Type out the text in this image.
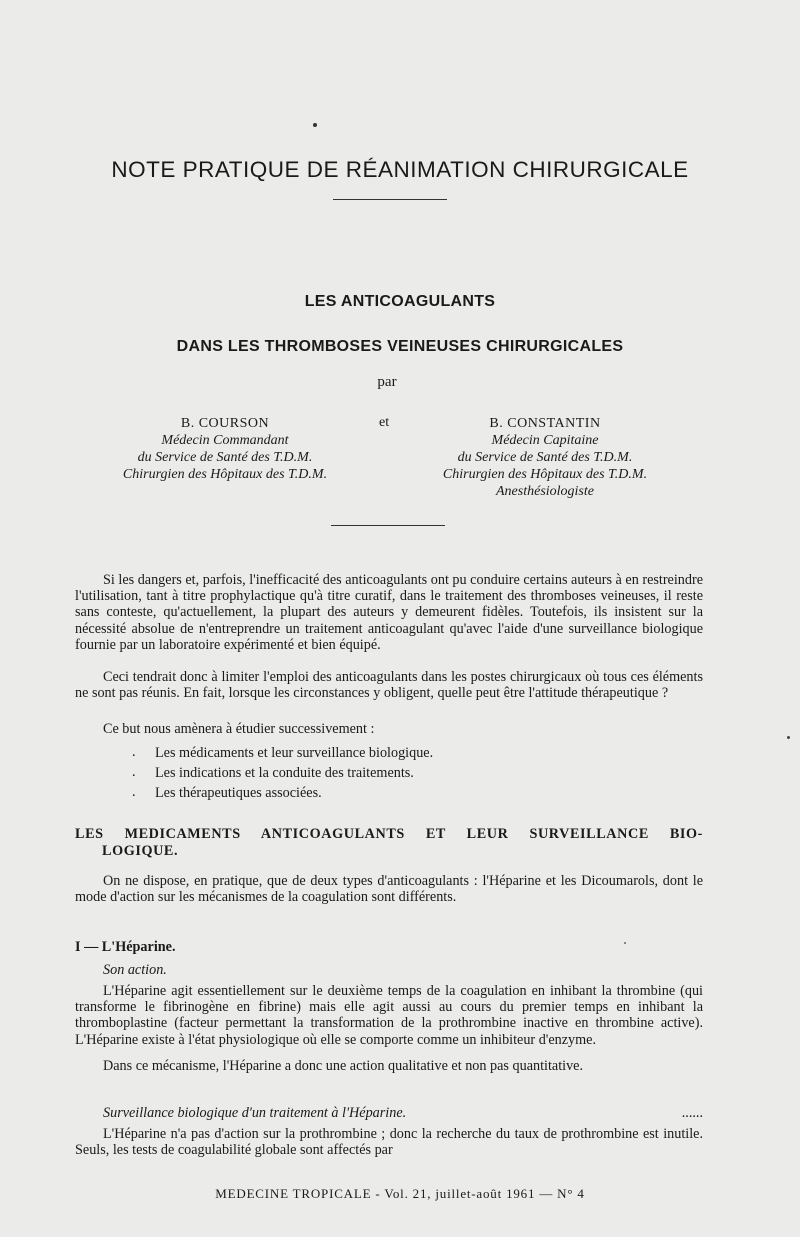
NOTE PRATIQUE DE RÉANIMATION CHIRURGICALE
LES ANTICOAGULANTS
DANS LES THROMBOSES VEINEUSES CHIRURGICALES
par
B. COURSON
Médecin Commandant
du Service de Santé des T.D.M.
Chirurgien des Hôpitaux des T.D.M.
et	B. CONSTANTIN
Médecin Capitaine
du Service de Santé des T.D.M.
Chirurgien des Hôpitaux des T.D.M.
Anesthésiologiste

Si les dangers et, parfois, l'inefficacité des anticoagulants ont pu conduire certains auteurs à en restreindre l'utilisation, tant à titre prophylactique qu'à titre curatif, dans le traitement des thromboses veineuses, il reste sans conteste, qu'actuellement, la plupart des auteurs y demeurent fidèles. Toutefois, ils insistent sur la nécessité absolue de n'entreprendre un traitement anticoagulant qu'avec l'aide d'une surveillance biologique fournie par un laboratoire expérimenté et bien équipé.

Ceci tendrait donc à limiter l'emploi des anticoagulants dans les postes chirurgicaux où tous ces éléments ne sont pas réunis. En fait, lorsque les circonstances y obligent, quelle peut être l'attitude thérapeutique ?

Ce but nous amènera à étudier successivement :

. Les médicaments et leur surveillance biologique.
. Les indications et la conduite des traitements.
. Les thérapeutiques associées.
LES MEDICAMENTS ANTICOAGULANTS ET LEUR SURVEILLANCE BIO-
LOGIQUE.

On ne dispose, en pratique, que de deux types d'anticoagulants : l'Héparine et les Dicoumarols, dont le mode d'action sur les mécanismes de la coagulation sont différents.

I — L'Héparine.
Son action.

L'Héparine agit essentiellement sur le deuxième temps de la coagulation en inhibant la thrombine (qui transforme le fibrinogène en fibrine) mais elle agit aussi au cours du premier temps en inhibant la thromboplastine (facteur permettant la transformation de la prothrombine inactive en thrombine active). L'Héparine existe à l'état physiologique où elle se comporte comme un inhibiteur d'enzyme.

Dans ce mécanisme, l'Héparine a donc une action qualitative et non pas quantitative.

Surveillance biologique d'un traitement à l'Héparine.	......

L'Héparine n'a pas d'action sur la prothrombine ; donc la recherche du taux de prothrombine est inutile. Seuls, les tests de coagulabilité globale sont affectés par

MEDECINE TROPICALE - Vol. 21, juillet-août 1961 — N° 4
